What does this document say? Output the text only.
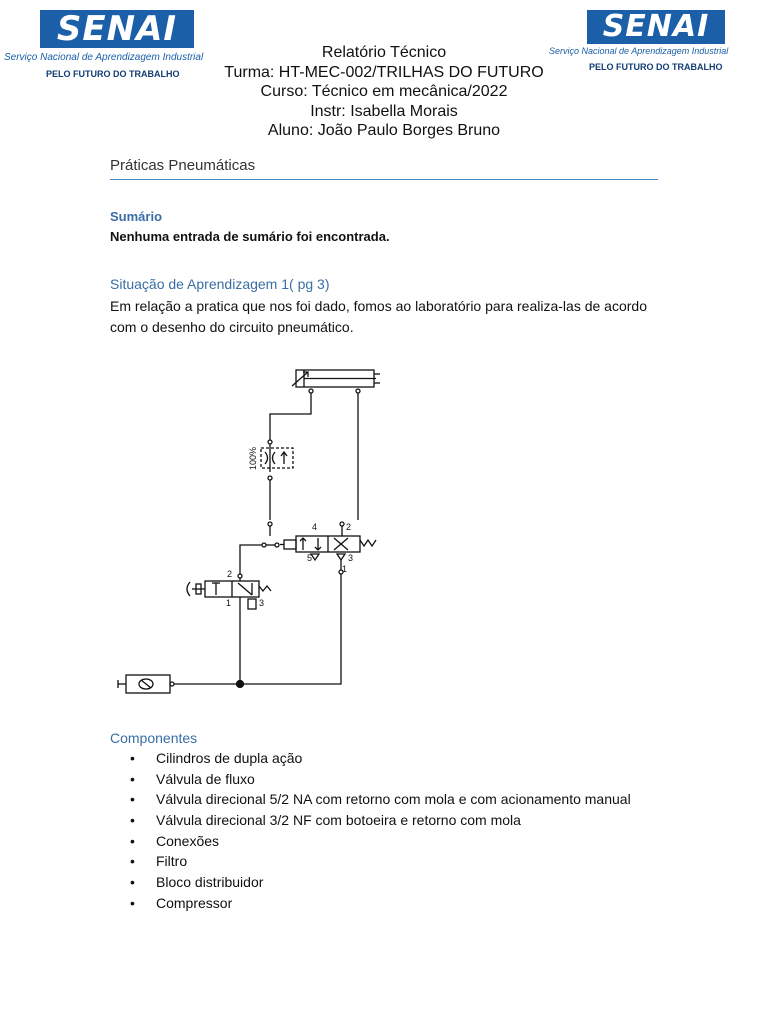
SENAI
Serviço Nacional de Aprendizagem Industrial
PELO FUTURO DO TRABALHO
SENAI
Serviço Nacional de Aprendizagem Industrial
PELO FUTURO DO TRABALHO
Relatório Técnico
Turma: HT-MEC-002/TRILHAS DO FUTURO
Curso: Técnico em mecânica/2022
Instr: Isabella Morais
Aluno: João Paulo Borges Bruno
Práticas Pneumáticas
Sumário
Nenhuma entrada de sumário foi encontrada.
Situação de Aprendizagem 1( pg 3)
Em relação a pratica que nos foi dado, fomos ao laboratório para realiza-las de acordo com o desenho do circuito pneumático.
100%
4	2
5	3
1
2
1	3
Componentes
• Cilindros de dupla ação
• Válvula de fluxo
• Válvula direcional 5/2 NA com retorno com mola e com acionamento manual
• Válvula direcional 3/2 NF com botoeira e retorno com mola
• Conexões
• Filtro
• Bloco distribuidor
• Compressor
